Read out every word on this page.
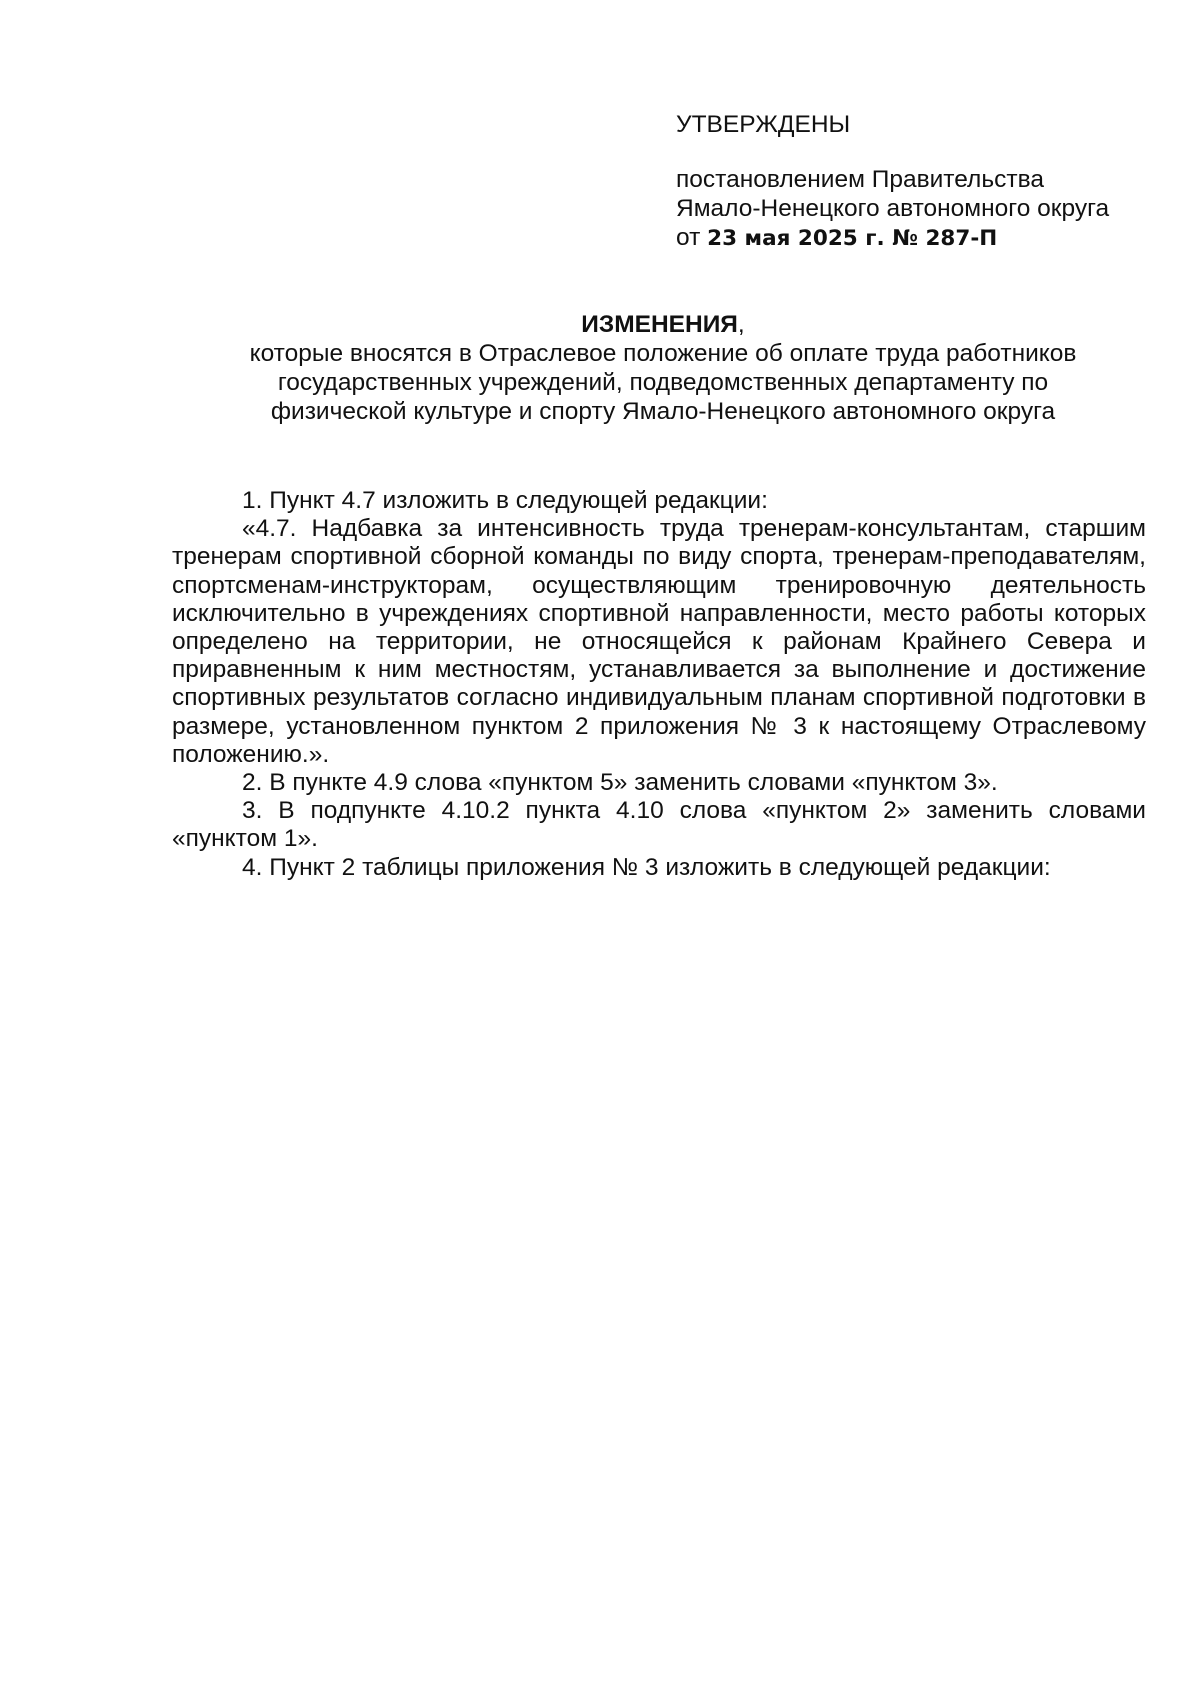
УТВЕРЖДЕНЫ
постановлением Правительства
Ямало-Ненецкого автономного округа
от 23 мая 2025 г. № 287-П
ИЗМЕНЕНИЯ,
которые вносятся в Отраслевое положение об оплате труда работников государственных учреждений, подведомственных департаменту по физической культуре и спорту Ямало-Ненецкого автономного округа

1. Пункт 4.7 изложить в следующей редакции:

«4.7. Надбавка за интенсивность труда тренерам-консультантам, старшим тренерам спортивной сборной команды по виду спорта, тренерам-преподавателям, спортсменам-инструкторам, осуществляющим тренировочную деятельность исключительно в учреждениях спортивной направленности, место работы которых определено на территории, не относящейся к районам Крайнего Севера и приравненным к ним местностям, устанавливается за выполнение и достижение спортивных результатов согласно индивидуальным планам спортивной подготовки в размере, установленном пунктом 2 приложения № 3 к настоящему Отраслевому положению.».

2. В пункте 4.9 слова «пунктом 5» заменить словами «пунктом 3».

3. В подпункте 4.10.2 пункта 4.10 слова «пунктом 2» заменить словами «пунктом 1».

4. Пункт 2 таблицы приложения № 3 изложить в следующей редакции:
